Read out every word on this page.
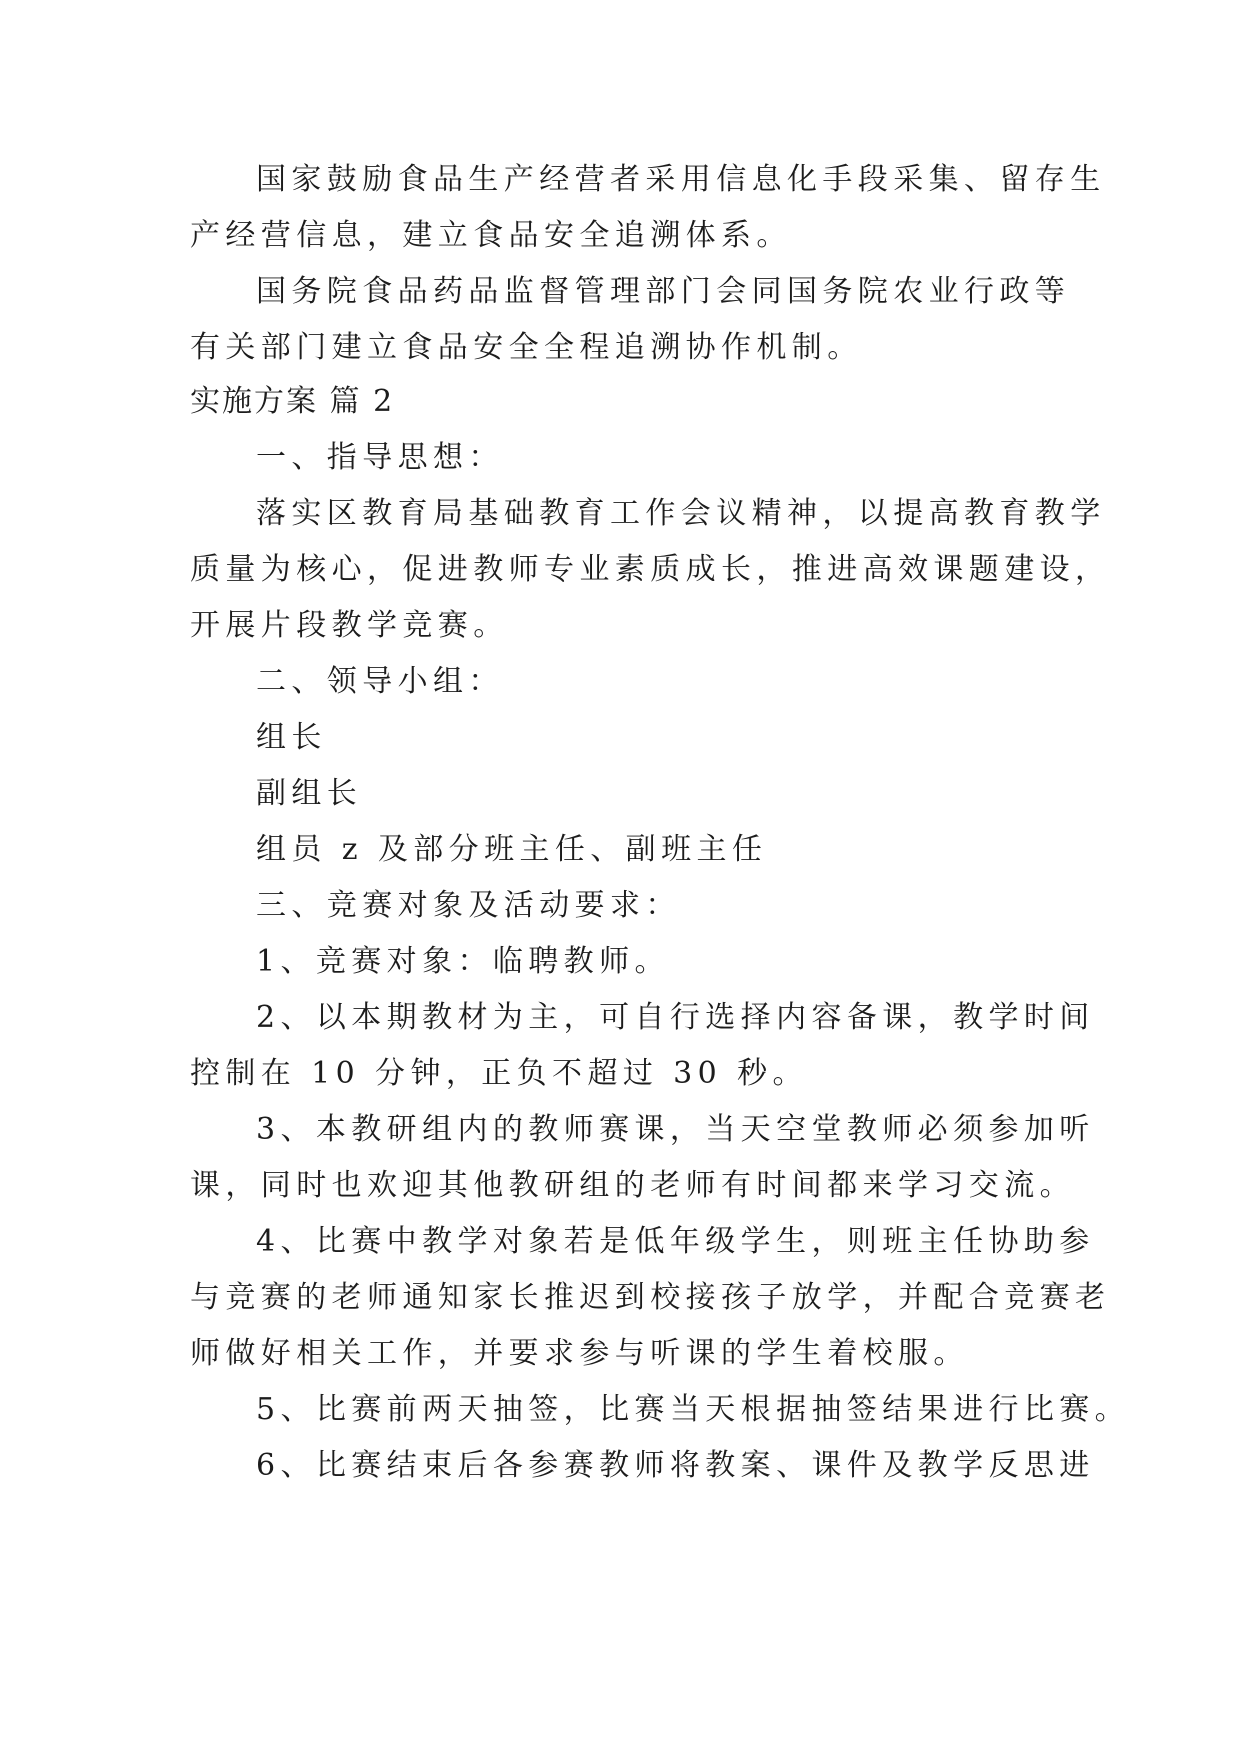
国家鼓励食品生产经营者采用信息化手段采集、留存生
产经营信息，建立食品安全追溯体系。
国务院食品药品监督管理部门会同国务院农业行政等
有关部门建立食品安全全程追溯协作机制。
实施方案 篇 2
一、指导思想：
落实区教育局基础教育工作会议精神，以提高教育教学
质量为核心，促进教师专业素质成长，推进高效课题建设，
开展片段教学竞赛。
二、领导小组：
组长
副组长
组员 z 及部分班主任、副班主任
三、竞赛对象及活动要求：
1、竞赛对象：临聘教师。
2、以本期教材为主，可自行选择内容备课，教学时间
控制在 10 分钟，正负不超过 30 秒。
3、本教研组内的教师赛课，当天空堂教师必须参加听
课，同时也欢迎其他教研组的老师有时间都来学习交流。
4、比赛中教学对象若是低年级学生，则班主任协助参
与竞赛的老师通知家长推迟到校接孩子放学，并配合竞赛老
师做好相关工作，并要求参与听课的学生着校服。
5、比赛前两天抽签，比赛当天根据抽签结果进行比赛。
6、比赛结束后各参赛教师将教案、课件及教学反思进
